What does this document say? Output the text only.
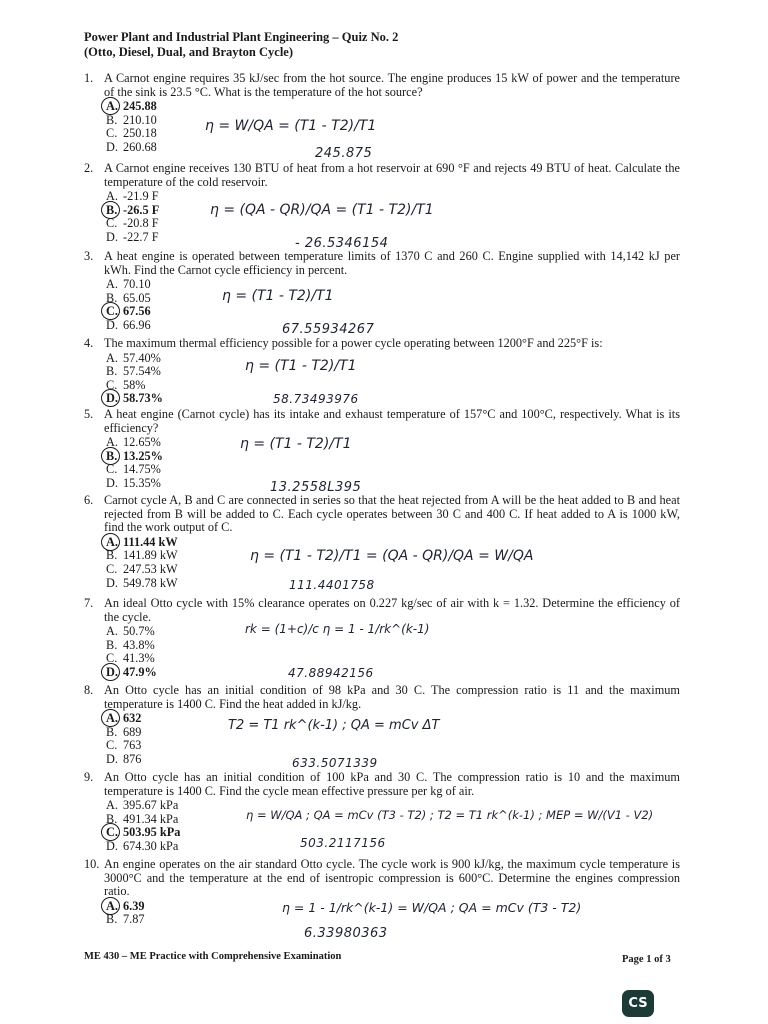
Power Plant and Industrial Plant Engineering – Quiz No. 2
(Otto, Diesel, Dual, and Brayton Cycle)
1. A Carnot engine requires 35 kJ/sec from the hot source. The engine produces 15 kW of power and the temperature of the sink is 23.5 °C. What is the temperature of the hot source?
A. 245.88
B. 210.10
C. 250.18
D. 260.68
η = W/QA = (T1 - T2)/T1
245.875
2. A Carnot engine receives 130 BTU of heat from a hot reservoir at 690 °F and rejects 49 BTU of heat. Calculate the temperature of the cold reservoir.
A. -21.9 F
B. -26.5 F
C. -20.8 F
D. -22.7 F
η = (QA - QR)/QA = (T1 - T2)/T1
- 26.5346154
3. A heat engine is operated between temperature limits of 1370 C and 260 C. Engine supplied with 14,142 kJ per kWh. Find the Carnot cycle efficiency in percent.
A. 70.10
B. 65.05
C. 67.56
D. 66.96
η = (T1 - T2)/T1
67.55934267
4. The maximum thermal efficiency possible for a power cycle operating between 1200°F and 225°F is:
A. 57.40%
B. 57.54%
C. 58%
D. 58.73%
η = (T1 - T2)/T1
58.73493976
5. A heat engine (Carnot cycle) has its intake and exhaust temperature of 157°C and 100°C, respectively. What is its efficiency?
A. 12.65%
B. 13.25%
C. 14.75%
D. 15.35%
η = (T1 - T2)/T1
13.2558L395
6. Carnot cycle A, B and C are connected in series so that the heat rejected from A will be the heat added to B and heat rejected from B will be added to C. Each cycle operates between 30 C and 400 C. If heat added to A is 1000 kW, find the work output of C.
A. 111.44 kW
B. 141.89 kW
C. 247.53 kW
D. 549.78 kW
η = (T1 - T2)/T1 = (QA - QR)/QA = W/QA
111.4401758
7. An ideal Otto cycle with 15% clearance operates on 0.227 kg/sec of air with k = 1.32. Determine the efficiency of the cycle.
A. 50.7%
B. 43.8%
C. 41.3%
D. 47.9%
rk = (1+c)/c η = 1 - 1/rk^(k-1)
47.88942156
8. An Otto cycle has an initial condition of 98 kPa and 30 C. The compression ratio is 11 and the maximum temperature is 1400 C. Find the heat added in kJ/kg.
A. 632
B. 689
C. 763
D. 876
T2 = T1 rk^(k-1) ; QA = mCv ΔT
633.5071339
9. An Otto cycle has an initial condition of 100 kPa and 30 C. The compression ratio is 10 and the maximum temperature is 1400 C. Find the cycle mean effective pressure per kg of air.
A. 395.67 kPa
B. 491.34 kPa
C. 503.95 kPa
D. 674.30 kPa
η = W/QA ; QA = mCv (T3 - T2) ; T2 = T1 rk^(k-1) ; MEP = W/(V1 - V2)
503.2117156
10. An engine operates on the air standard Otto cycle. The cycle work is 900 kJ/kg, the maximum cycle temperature is 3000°C and the temperature at the end of isentropic compression is 600°C. Determine the engines compression ratio.
A. 6.39
B. 7.87
η = 1 - 1/rk^(k-1) = W/QA ; QA = mCv (T3 - T2)
6.33980363
ME 430 – ME Practice with Comprehensive Examination	Page 1 of 3
CS
